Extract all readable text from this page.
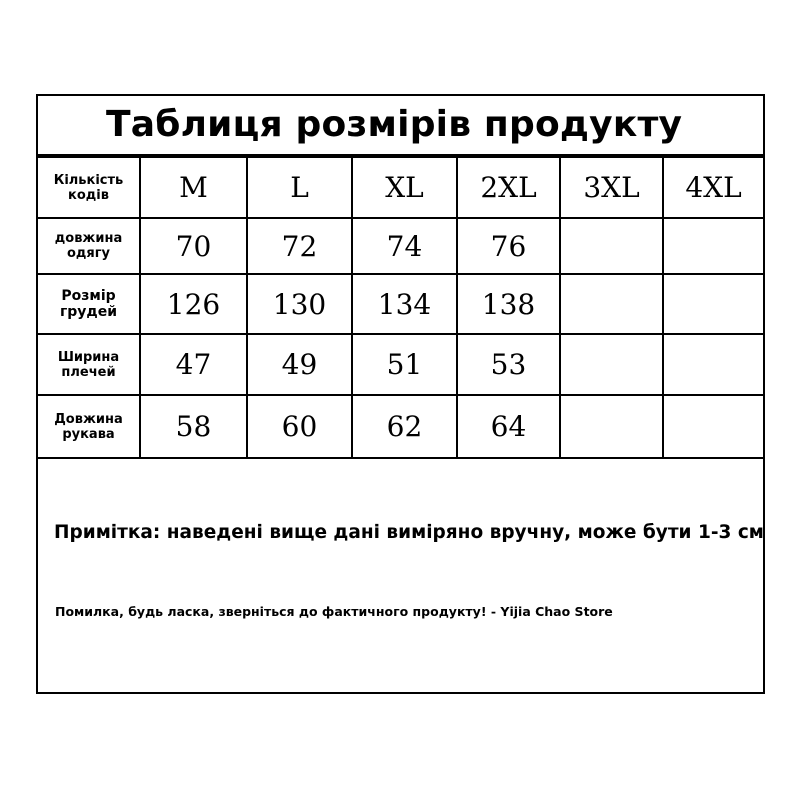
Таблиця розмірів продукту
Кількість
кодів	M	L	XL	2XL	3XL	4XL
довжина
одягу	70	72	74	76		
Розмір
грудей	126	130	134	138		
Ширина
плечей	47	49	51	53		
Довжина
рукава	58	60	62	64		
Примітка: наведені вище дані виміряно вручну, може бути 1-3 см
Помилка, будь ласка, зверніться до фактичного продукту! - Yijia Chao Store
